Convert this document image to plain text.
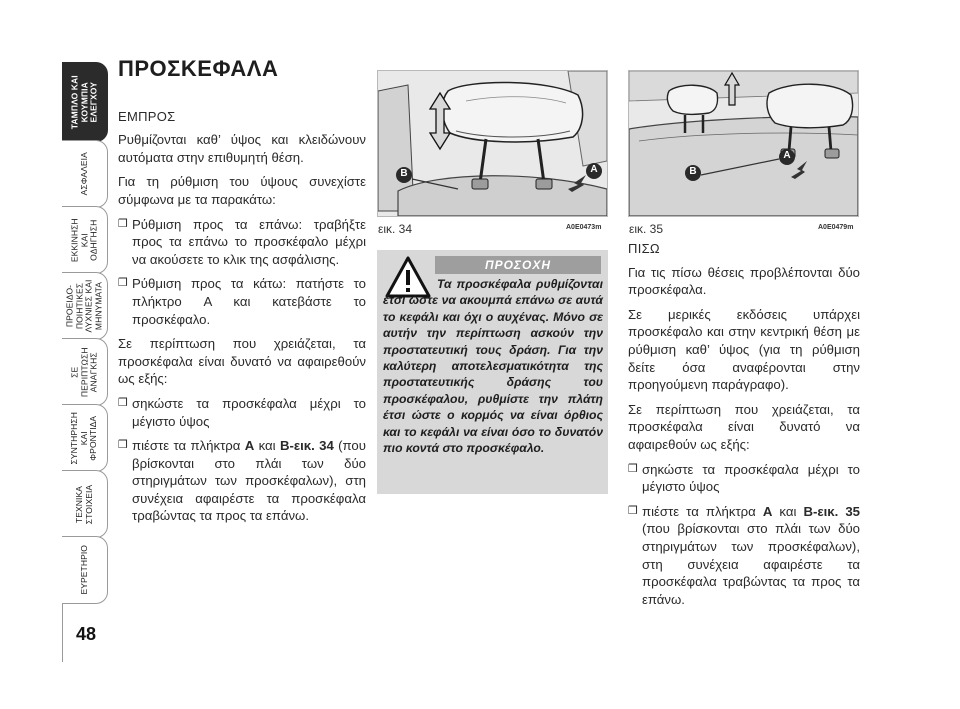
ΤΑΜΠΛΟ ΚΑΙ
ΚΟΥΜΠΙΑ
ΕΛΕΓΧΟΥ
ΑΣΦΑΛΕΙΑ
ΕΚΚΙΝΗΣΗ
ΚΑΙ
ΟΔΗΓΗΣΗ
ΠΡΟΕΙΔΟ-
ΠΟΙΗΤΙΚΕΣ
ΛΥΧΝΙΕΣ ΚΑΙ
ΜΗΝΥΜΑΤΑ
ΣΕ
ΠΕΡΙΠΤΩΣΗ
ΑΝΑΓΚΗΣ
ΣΥΝΤΗΡΗΣΗ
ΚΑΙ
ΦΡΟΝΤΙΔΑ
ΤΕΧΝΙΚΑ
ΣΤΟΙΧΕΙΑ
ΕΥΡΕΤΗΡΙΟ
48
ΠΡΟΣΚΕΦΑΛΑ
ΕΜΠΡΟΣ
Ρυθμίζονται καθ’ ύψος και κλειδώνουν αυτόματα στην επιθυμητή θέση.
Για τη ρύθμιση του ύψους συνεχίστε σύμφωνα με τα παρακάτω:
❒ Ρύθμιση προς τα επάνω: τραβήξτε προς τα επάνω το προσκέφαλο μέχρι να ακούσετε το κλικ της ασφάλισης.
❒ Ρύθμιση προς τα κάτω: πατήστε το πλήκτρο A και κατεβάστε το προσκέφαλο.
Σε περίπτωση που χρειάζεται, τα προσκέφαλα είναι δυνατό να αφαιρεθούν ως εξής:
❒ σηκώστε τα προσκέφαλα μέχρι το μέγιστο ύψος
❒ πιέστε τα πλήκτρα A και B-εικ. 34 (που βρίσκονται στο πλάι των δύο στηριγμάτων των προσκέφαλων), στη συνέχεια αφαιρέστε τα προσκέφαλα τραβώντας τα προς τα επάνω.
A
B
εικ. 34	A0E0473m
ΠΡΟΣΟΧΗ
Τα προσκέφαλα ρυθμίζονται έτσι ώστε να ακουμπά επάνω σε αυτά το κεφάλι και όχι ο αυχένας. Μόνο σε αυτήν την περίπτωση ασκούν την προστατευτική τους δράση. Για την καλύτερη αποτελεσματικότητα της προστατευτικής δράσης του προσκέφαλου, ρυθμίστε την πλάτη έτσι ώστε ο κορμός να είναι όρθιος και το κεφάλι να είναι όσο το δυνατόν πιο κοντά στο προσκέφαλο.
A
B
εικ. 35	A0E0479m
ΠΙΣΩ
Για τις πίσω θέσεις προβλέπονται δύο προσκέφαλα.
Σε μερικές εκδόσεις υπάρχει προσκέφαλο και στην κεντρική θέση με ρύθμιση καθ’ ύψος (για τη ρύθμιση δείτε όσα αναφέρονται στην προηγούμενη παράγραφο).
Σε περίπτωση που χρειάζεται, τα προσκέφαλα είναι δυνατό να αφαιρεθούν ως εξής:
❒ σηκώστε τα προσκέφαλα μέχρι το μέγιστο ύψος
❒ πιέστε τα πλήκτρα A και B-εικ. 35 (που βρίσκονται στο πλάι των δύο στηριγμάτων των προσκέφαλων), στη συνέχεια αφαιρέστε τα προσκέφαλα τραβώντας τα προς τα επάνω.
